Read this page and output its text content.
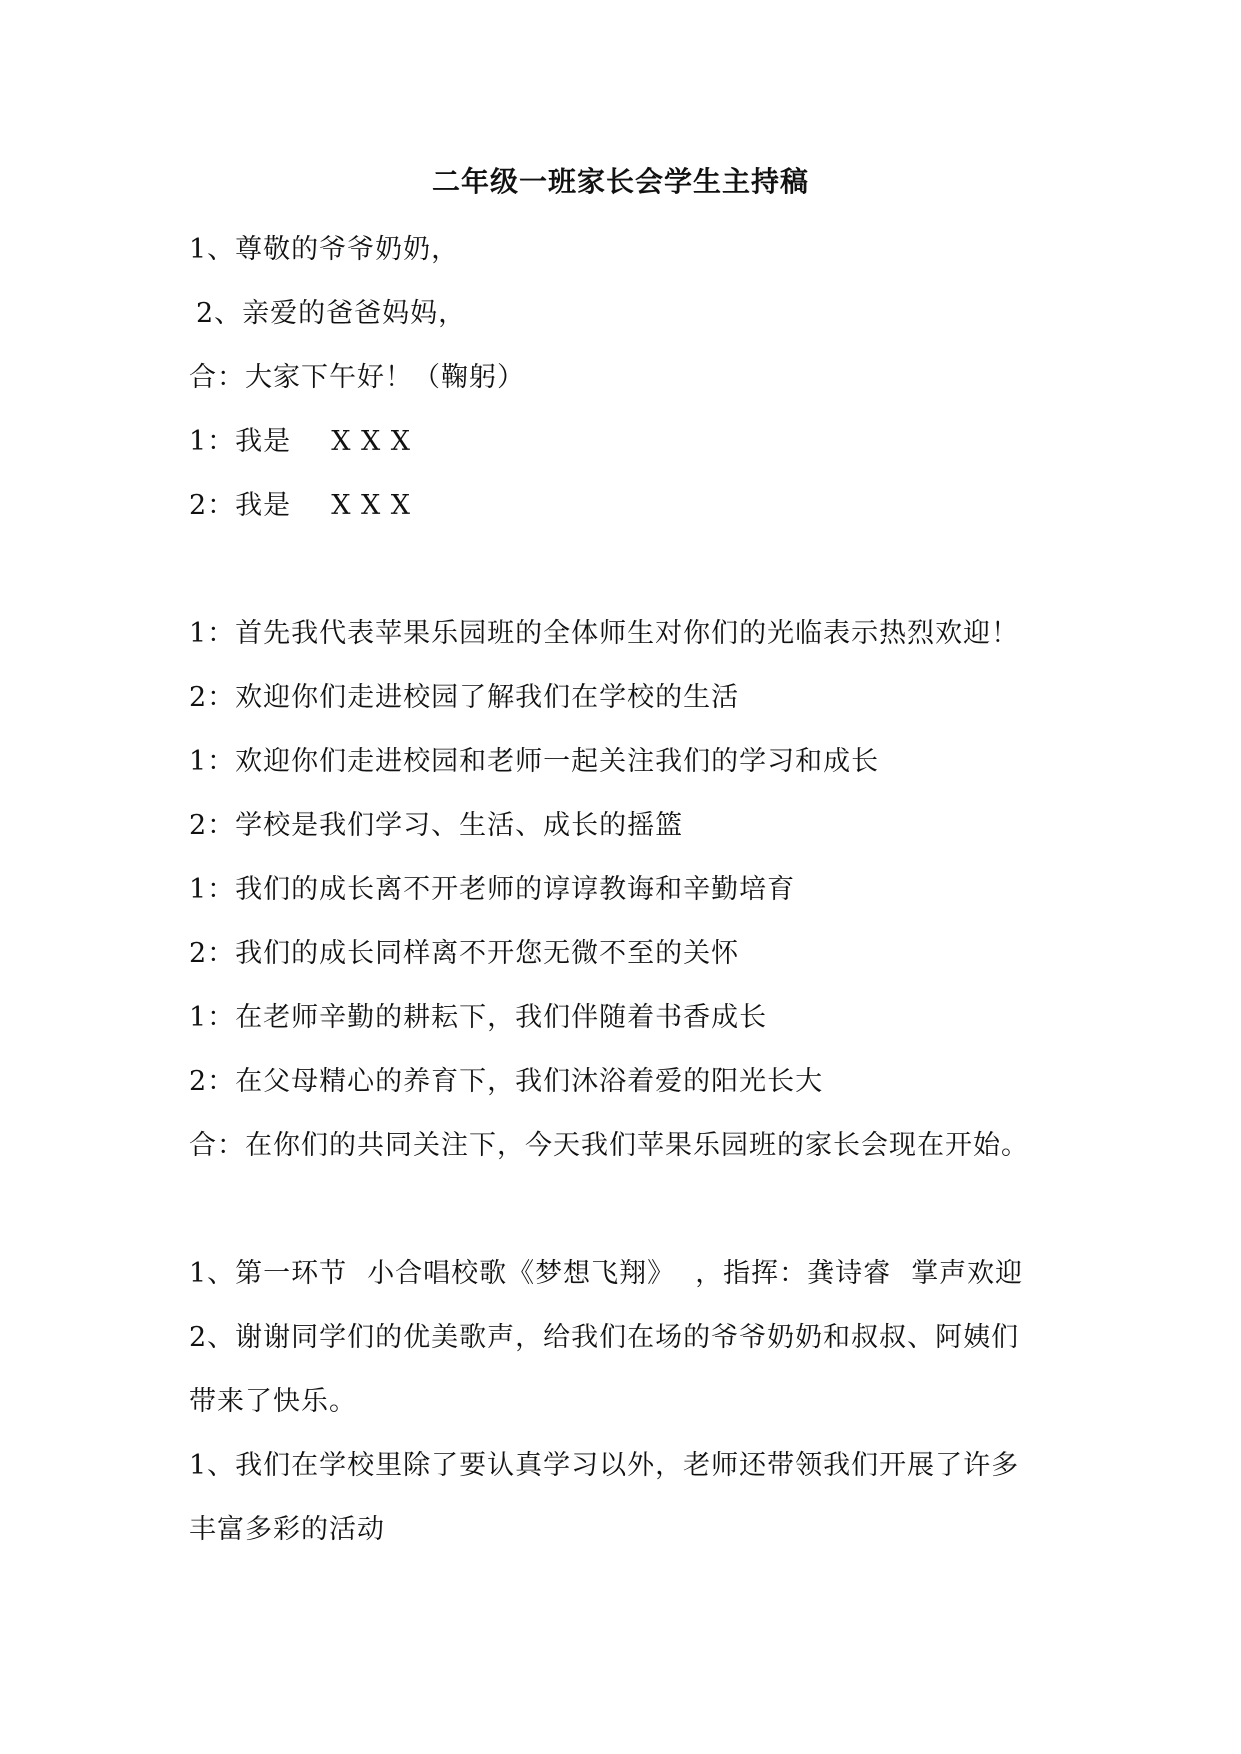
二年级一班家长会学生主持稿
1、尊敬的爷爷奶奶，
2、亲爱的爸爸妈妈，
合：大家下午好！（鞠躬）
1：我是 X X X
2：我是 X X X
1：首先我代表苹果乐园班的全体师生对你们的光临表示热烈欢迎！
2：欢迎你们走进校园了解我们在学校的生活
1：欢迎你们走进校园和老师一起关注我们的学习和成长
2：学校是我们学习、生活、成长的摇篮
1：我们的成长离不开老师的谆谆教诲和辛勤培育
2：我们的成长同样离不开您无微不至的关怀
1：在老师辛勤的耕耘下，我们伴随着书香成长
2：在父母精心的养育下，我们沐浴着爱的阳光长大
合：在你们的共同关注下，今天我们苹果乐园班的家长会现在开始。
1、第一环节 小合唱校歌《梦想飞翔》 ，指挥：龚诗睿 掌声欢迎
2、谢谢同学们的优美歌声，给我们在场的爷爷奶奶和叔叔、阿姨们
带来了快乐。
1、我们在学校里除了要认真学习以外，老师还带领我们开展了许多
丰富多彩的活动
